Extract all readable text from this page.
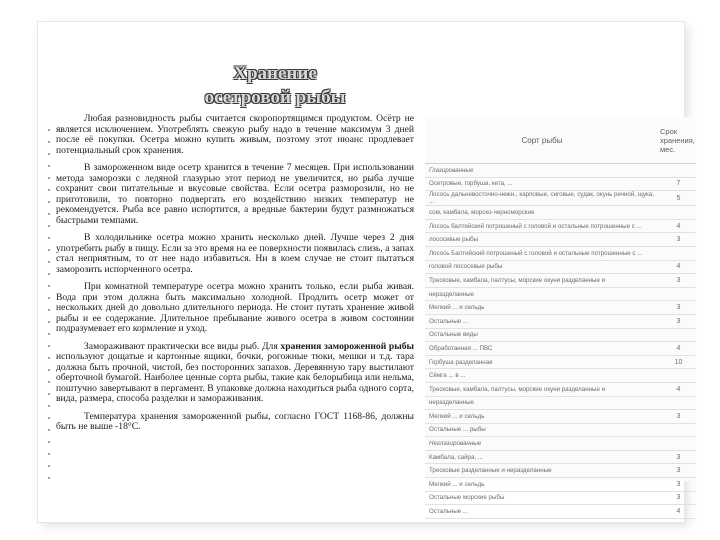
Хранение
осетровой рыбы

Любая разновидность рыбы считается скоропортящимся продуктом. Осётр не является исключением. Употреблять свежую рыбу надо в течение максимум 3 дней после её покупки. Осетра можно купить живым, поэтому этот нюанс продлевает потенциальный срок хранения.

В замороженном виде осетр хранится в течение 7 месяцев. При использовании метода заморозки с ледяной глазурью этот период не увеличится, но рыба лучше сохранит свои питательные и вкусовые свойства. Если осетра разморозили, но не приготовили, то повторно подвергать его воздействию низких температур не рекомендуется. Рыба все равно испортится, а вредные бактерии будут размножаться быстрыми темпами.

В холодильнике осетра можно хранить несколько дней. Лучше через 2 дня употребить рыбу в пищу. Если за это время на ее поверхности появилась слизь, а запах стал неприятным, то от нее надо избавиться. Ни в коем случае не стоит пытаться заморозить испорченного осетра.

При комнатной температуре осетра можно хранить только, если рыба живая. Вода при этом должна быть максимально холодной. Продлить осетр может от нескольких дней до довольно длительного периода. Не стоит путать хранение живой рыбы и ее содержание. Длительное пребывание живого осетра в живом состоянии подразумевает его кормление и уход.

Замораживают практически все виды рыб. Для хранения замороженной рыбы используют дощатые и картонные ящики, бочки, рогожные тюки, мешки и т.д. тара должна быть прочной, чистой, без посторонних запахов. Деревянную тару выстилают оберточной бумагой. Наиболее ценные сорта рыбы, такие как белорыбица или нельма, поштучно завертывают в пергамент. В упаковке должна находиться рыба одного сорта, вида, размера, способа разделки и замораживания.

Температура хранения замороженной рыбы, согласно ГОСТ 1168-86, должны быть не выше -18°С.

Сорт рыбы	Срок
хранения,
мес.
Глазированные	
Осетровые, горбуша, кета, ...	7
Лосось дальневосточно-нежн., карповые, сиговые, судак, окунь речной, щука, ...	5
сом, камбала, морско-черноморские	
Лосось балтийский потрошеный с головой и остальные потрошенные с ...	4
лососевые рыбы	3
Лосось Балтийский потрошеный с головой и остальные потрошенные с ...	
головой лососевые рыбы	4
Тресковые, камбала, палтусы, морские окуни разделанные и	3
неразделанные	
Мелкий ... и сельдь	3
Остальные ...	3
Остальные виды	
Обработанная ... ПВС	4
Горбуша разделанная	10
Сёмга ... в ...	
Тресковые, камбала, палтусы, морские окуни разделанные и	4
неразделанные	
Мелкий ... и сельдь	3
Остальные ... рыбы	
Неглазированные	
Камбала, сайра, ...	3
Тресковые разделанные и неразделанные	3
Мелкий ... и сельдь	3
Остальные морские рыбы	3
Остальные ...	4
